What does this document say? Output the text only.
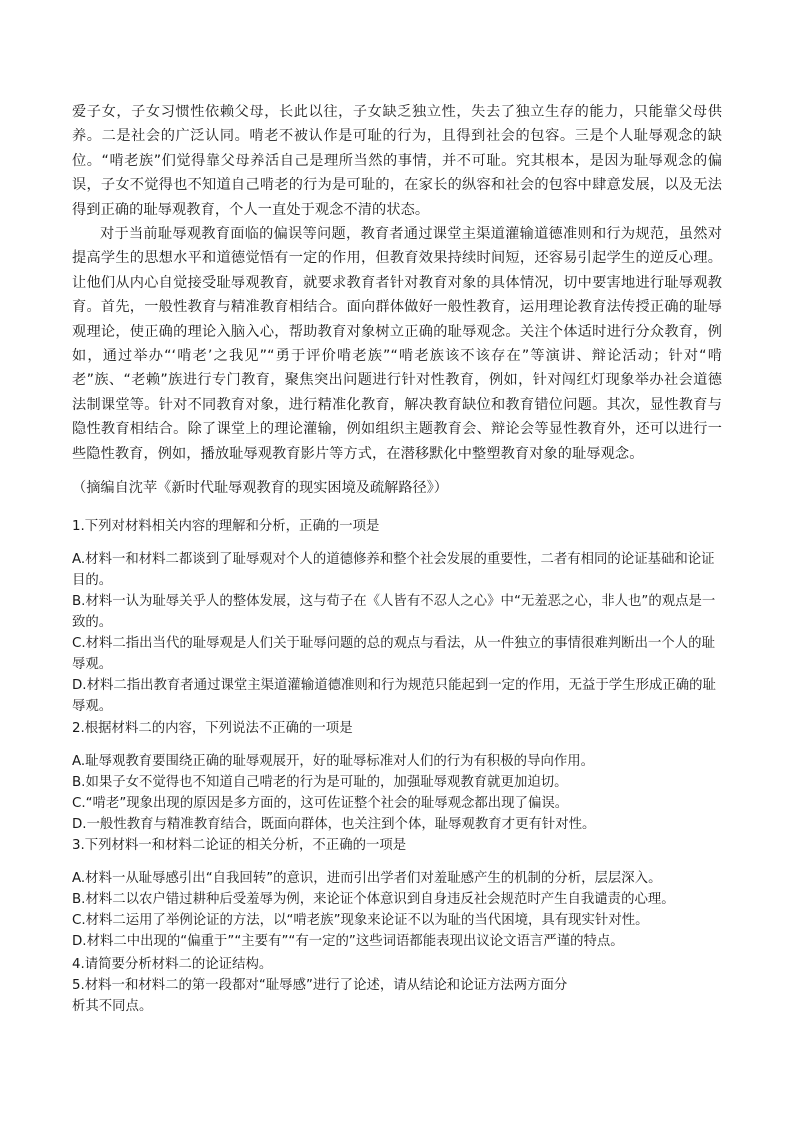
爱子女，子女习惯性依赖父母，长此以往，子女缺乏独立性，失去了独立生存的能力，只能靠父母供养。二是社会的广泛认同。啃老不被认作是可耻的行为，且得到社会的包容。三是个人耻辱观念的缺位。“啃老族”们觉得靠父母养活自己是理所当然的事情，并不可耻。究其根本，是因为耻辱观念的偏误，子女不觉得也不知道自己啃老的行为是可耻的，在家长的纵容和社会的包容中肆意发展，以及无法得到正确的耻辱观教育，个人一直处于观念不清的状态。

对于当前耻辱观教育面临的偏误等问题，教育者通过课堂主渠道灌输道德准则和行为规范，虽然对提高学生的思想水平和道德觉悟有一定的作用，但教育效果持续时间短，还容易引起学生的逆反心理。让他们从内心自觉接受耻辱观教育，就要求教育者针对教育对象的具体情况，切中要害地进行耻辱观教育。首先，一般性教育与精准教育相结合。面向群体做好一般性教育，运用理论教育法传授正确的耻辱观理论，使正确的理论入脑入心，帮助教育对象树立正确的耻辱观念。关注个体适时进行分众教育，例如，通过举办“‘啃老’之我见”“勇于评价啃老族”“啃老族该不该存在”等演讲、辩论活动；针对“啃老”族、“老赖”族进行专门教育，聚焦突出问题进行针对性教育，例如，针对闯红灯现象举办社会道德法制课堂等。针对不同教育对象，进行精准化教育，解决教育缺位和教育错位问题。其次，显性教育与隐性教育相结合。除了课堂上的理论灌输，例如组织主题教育会、辩论会等显性教育外，还可以进行一些隐性教育，例如，播放耻辱观教育影片等方式，在潜移默化中整塑教育对象的耻辱观念。

（摘编自沈苹《新时代耻辱观教育的现实困境及疏解路径》）

1.下列对材料相关内容的理解和分析，正确的一项是

A.材料一和材料二都谈到了耻辱观对个人的道德修养和整个社会发展的重要性，二者有相同的论证基础和论证目的。

B.材料一认为耻辱关乎人的整体发展，这与荀子在《人皆有不忍人之心》中“无羞恶之心，非人也”的观点是一致的。

C.材料二指出当代的耻辱观是人们关于耻辱问题的总的观点与看法，从一件独立的事情很难判断出一个人的耻辱观。

D.材料二指出教育者通过课堂主渠道灌输道德准则和行为规范只能起到一定的作用，无益于学生形成正确的耻辱观。

2.根据材料二的内容，下列说法不正确的一项是

A.耻辱观教育要围绕正确的耻辱观展开，好的耻辱标准对人们的行为有积极的导向作用。

B.如果子女不觉得也不知道自己啃老的行为是可耻的，加强耻辱观教育就更加迫切。

C.“啃老”现象出现的原因是多方面的，这可佐证整个社会的耻辱观念都出现了偏误。

D.一般性教育与精准教育结合，既面向群体，也关注到个体，耻辱观教育才更有针对性。

3.下列材料一和材料二论证的相关分析，不正确的一项是

A.材料一从耻辱感引出“自我回转”的意识，进而引出学者们对羞耻感产生的机制的分析，层层深入。

B.材料二以农户错过耕种后受羞辱为例，来论证个体意识到自身违反社会规范时产生自我谴责的心理。

C.材料二运用了举例论证的方法，以“啃老族”现象来论证不以为耻的当代困境，具有现实针对性。

D.材料二中出现的“偏重于”“主要有”“有一定的”这些词语都能表现出议论文语言严谨的特点。

4.请简要分析材料二的论证结构。

5.材料一和材料二的第一段都对“耻辱感”进行了论述，请从结论和论证方法两方面分

析其不同点。
